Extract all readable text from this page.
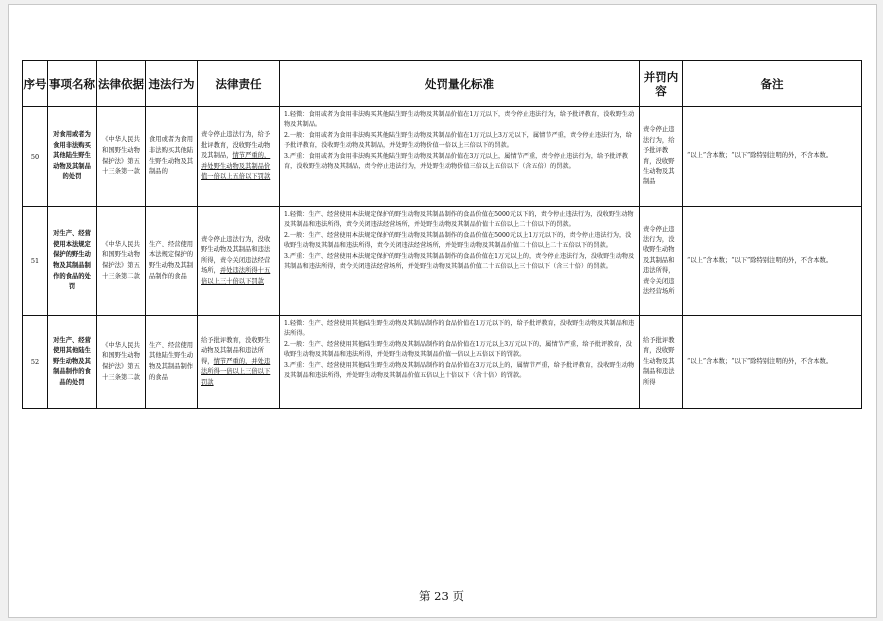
序号	事项名称	法律依据	违法行为	法律责任	处罚量化标准	并罚内容	备注
50	对食用或者为食用非法购买其他陆生野生动物及其制品的处罚	《中华人民共和国野生动物保护法》第五十三条第一款	食用或者为食用非法购买其他陆生野生动物及其制品的	责令停止违法行为，给予批评教育，没收野生动物及其制品，情节严重的，并处野生动物及其制品价值一倍以上五倍以下罚款	1.轻微：食用或者为食用非法购买其他陆生野生动物及其制品价值在1万元以下，责令停止违法行为，给予批评教育，没收野生动物及其制品。
2.一般：食用或者为食用非法购买其他陆生野生动物及其制品价值在1万元以上3万元以下，属情节严重，责令停止违法行为，给予批评教育，没收野生动物及其制品，并处野生动物价值一倍以上三倍以下的罚款。
3.严重：食用或者为食用非法购买其他陆生野生动物及其制品价值在3万元以上，属情节严重，责令停止违法行为，给予批评教育，没收野生动物及其制品，责令停止违法行为，并处野生动物价值三倍以上五倍以下（含五倍）的罚款。	责令停止违法行为，给予批评教育，没收野生动物及其制品	“以上”含本数；“以下”除特别注明的外，不含本数。
51	对生产、经营使用本法规定保护的野生动物及其制品制作的食品的处罚	《中华人民共和国野生动物保护法》第五十三条第二款	生产、经营使用本法规定保护的野生动物及其制品制作的食品	责令停止违法行为，没收野生动物及其制品和违法所得，责令关闭违法经营场所，并处违法所得十五倍以上三十倍以下罚款	1.轻微：生产、经营使用本法规定保护的野生动物及其制品制作的食品价值在5000元以下的，责令停止违法行为，没收野生动物及其制品和违法所得，责令关闭违法经营场所，并处野生动物及其制品价值十五倍以上二十倍以下的罚款。
2.一般：生产、经营使用本法规定保护的野生动物及其制品制作的食品价值在5000元以上1万元以下的，责令停止违法行为，没收野生动物及其制品和违法所得，责令关闭违法经营场所，并处野生动物及其制品价值二十倍以上二十五倍以下的罚款。
3.严重：生产、经营使用本法规定保护的野生动物及其制品制作的食品价值在1万元以上的，责令停止违法行为，没收野生动物及其制品和违法所得，责令关闭违法经营场所，并处野生动物及其制品价值二十五倍以上三十倍以下（含三十倍）的罚款。	责令停止违法行为，没收野生动物及其制品和违法所得，责令关闭违法经营场所	“以上”含本数；“以下”除特别注明的外，不含本数。
52	对生产、经营使用其他陆生野生动物及其制品制作的食品的处罚	《中华人民共和国野生动物保护法》第五十三条第二款	生产、经营使用其他陆生野生动物及其制品制作的食品	给予批评教育，没收野生动物及其制品和违法所得，情节严重的，并处违法所得一倍以上三倍以下罚款	1.轻微：生产、经营使用其他陆生野生动物及其制品制作的食品价值在1万元以下的，给予批评教育，没收野生动物及其制品和违法所得。
2.一般：生产、经营使用其他陆生野生动物及其制品制作的食品价值在1万元以上3万元以下的，属情节严重，给予批评教育，没收野生动物及其制品和违法所得，并处野生动物及其制品价值一倍以上五倍以下的罚款。
3.严重：生产、经营使用其他陆生野生动物及其制品制作的食品价值在3万元以上的，属情节严重，给予批评教育，没收野生动物及其制品和违法所得，并处野生动物及其制品价值五倍以上十倍以下（含十倍）的罚款。	给予批评教育，没收野生动物及其制品和违法所得	“以上”含本数；“以下”除特别注明的外，不含本数。
第 23 页
